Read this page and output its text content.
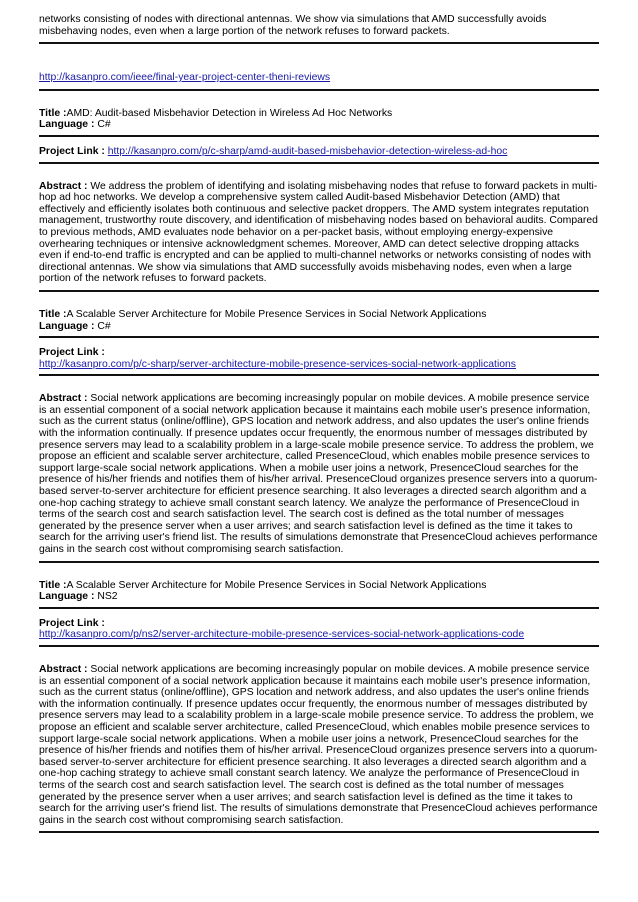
networks consisting of nodes with directional antennas. We show via simulations that AMD successfully avoids misbehaving nodes, even when a large portion of the network refuses to forward packets.

http://kasanpro.com/ieee/final-year-project-center-theni-reviews

Title :AMD: Audit-based Misbehavior Detection in Wireless Ad Hoc Networks

Language : C#

Project Link : http://kasanpro.com/p/c-sharp/amd-audit-based-misbehavior-detection-wireless-ad-hoc

Abstract : We address the problem of identifying and isolating misbehaving nodes that refuse to forward packets in multi-hop ad hoc networks. We develop a comprehensive system called Audit-based Misbehavior Detection (AMD) that effectively and efficiently isolates both continuous and selective packet droppers. The AMD system integrates reputation management, trustworthy route discovery, and identification of misbehaving nodes based on behavioral audits. Compared to previous methods, AMD evaluates node behavior on a per-packet basis, without employing energy-expensive overhearing techniques or intensive acknowledgment schemes. Moreover, AMD can detect selective dropping attacks even if end-to-end traffic is encrypted and can be applied to multi-channel networks or networks consisting of nodes with directional antennas. We show via simulations that AMD successfully avoids misbehaving nodes, even when a large portion of the network refuses to forward packets.

Title :A Scalable Server Architecture for Mobile Presence Services in Social Network Applications

Language : C#

Project Link :

http://kasanpro.com/p/c-sharp/server-architecture-mobile-presence-services-social-network-applications

Abstract : Social network applications are becoming increasingly popular on mobile devices. A mobile presence service is an essential component of a social network application because it maintains each mobile user's presence information, such as the current status (online/offline), GPS location and network address, and also updates the user's online friends with the information continually. If presence updates occur frequently, the enormous number of messages distributed by presence servers may lead to a scalability problem in a large-scale mobile presence service. To address the problem, we propose an efficient and scalable server architecture, called PresenceCloud, which enables mobile presence services to support large-scale social network applications. When a mobile user joins a network, PresenceCloud searches for the presence of his/her friends and notifies them of his/her arrival. PresenceCloud organizes presence servers into a quorum-based server-to-server architecture for efficient presence searching. It also leverages a directed search algorithm and a one-hop caching strategy to achieve small constant search latency. We analyze the performance of PresenceCloud in terms of the search cost and search satisfaction level. The search cost is defined as the total number of messages generated by the presence server when a user arrives; and search satisfaction level is defined as the time it takes to search for the arriving user's friend list. The results of simulations demonstrate that PresenceCloud achieves performance gains in the search cost without compromising search satisfaction.

Title :A Scalable Server Architecture for Mobile Presence Services in Social Network Applications

Language : NS2

Project Link :

http://kasanpro.com/p/ns2/server-architecture-mobile-presence-services-social-network-applications-code

Abstract : Social network applications are becoming increasingly popular on mobile devices. A mobile presence service is an essential component of a social network application because it maintains each mobile user's presence information, such as the current status (online/offline), GPS location and network address, and also updates the user's online friends with the information continually. If presence updates occur frequently, the enormous number of messages distributed by presence servers may lead to a scalability problem in a large-scale mobile presence service. To address the problem, we propose an efficient and scalable server architecture, called PresenceCloud, which enables mobile presence services to support large-scale social network applications. When a mobile user joins a network, PresenceCloud searches for the presence of his/her friends and notifies them of his/her arrival. PresenceCloud organizes presence servers into a quorum-based server-to-server architecture for efficient presence searching. It also leverages a directed search algorithm and a one-hop caching strategy to achieve small constant search latency. We analyze the performance of PresenceCloud in terms of the search cost and search satisfaction level. The search cost is defined as the total number of messages generated by the presence server when a user arrives; and search satisfaction level is defined as the time it takes to search for the arriving user's friend list. The results of simulations demonstrate that PresenceCloud achieves performance gains in the search cost without compromising search satisfaction.
